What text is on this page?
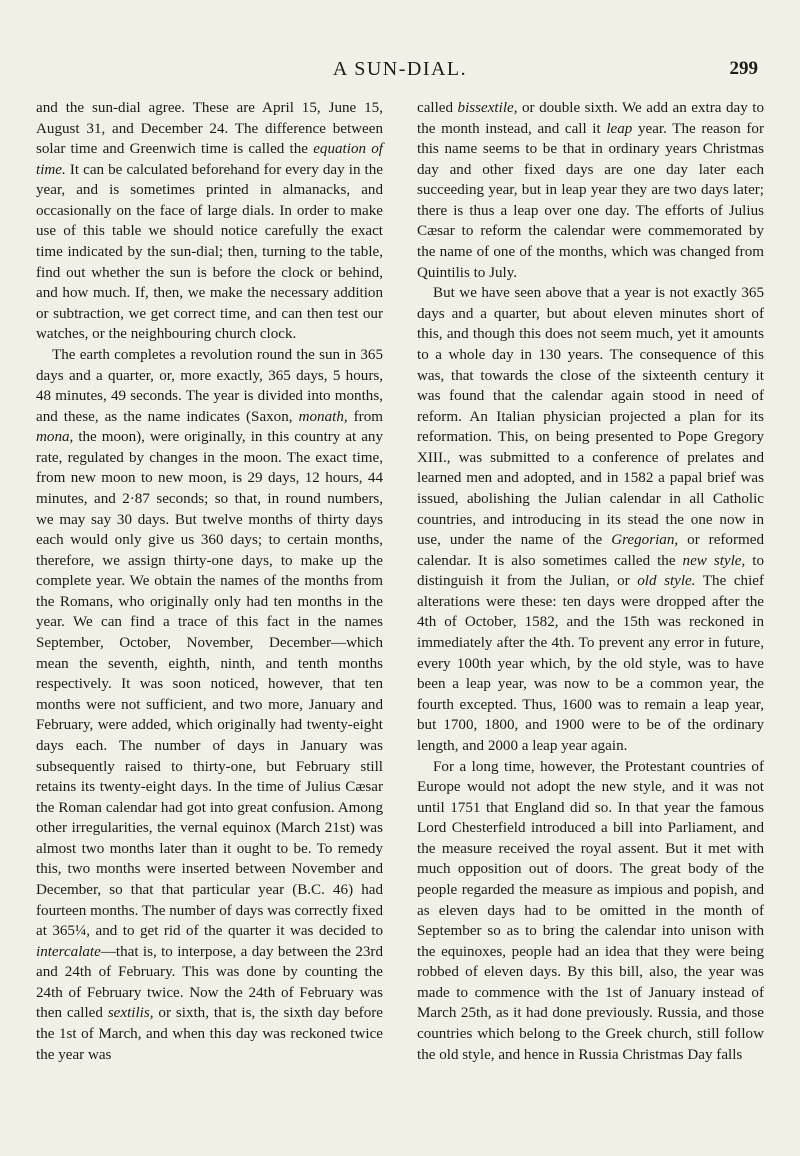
A SUN-DIAL.	299

and the sun-dial agree. These are April 15, June 15, August 31, and December 24. The difference between solar time and Greenwich time is called the equation of time. It can be calculated beforehand for every day in the year, and is sometimes printed in almanacks, and occasionally on the face of large dials. In order to make use of this table we should notice carefully the exact time indicated by the sun-dial; then, turning to the table, find out whether the sun is before the clock or behind, and how much. If, then, we make the necessary addition or subtraction, we get correct time, and can then test our watches, or the neighbouring church clock.

The earth completes a revolution round the sun in 365 days and a quarter, or, more exactly, 365 days, 5 hours, 48 minutes, 49 seconds. The year is divided into months, and these, as the name indicates (Saxon, monath, from mona, the moon), were originally, in this country at any rate, regulated by changes in the moon. The exact time, from new moon to new moon, is 29 days, 12 hours, 44 minutes, and 2·87 seconds; so that, in round numbers, we may say 30 days. But twelve months of thirty days each would only give us 360 days; to certain months, therefore, we assign thirty-one days, to make up the complete year. We obtain the names of the months from the Romans, who originally only had ten months in the year. We can find a trace of this fact in the names September, October, November, December—which mean the seventh, eighth, ninth, and tenth months respectively. It was soon noticed, however, that ten months were not sufficient, and two more, January and February, were added, which originally had twenty-eight days each. The number of days in January was subsequently raised to thirty-one, but February still retains its twenty-eight days. In the time of Julius Cæsar the Roman calendar had got into great confusion. Among other irregularities, the vernal equinox (March 21st) was almost two months later than it ought to be. To remedy this, two months were inserted between November and December, so that that particular year (B.C. 46) had fourteen months. The number of days was correctly fixed at 365¼, and to get rid of the quarter it was decided to intercalate—that is, to interpose, a day between the 23rd and 24th of February. This was done by counting the 24th of February twice. Now the 24th of February was then called sextilis, or sixth, that is, the sixth day before the 1st of March, and when this day was reckoned twice the year was

called bissextile, or double sixth. We add an extra day to the month instead, and call it leap year. The reason for this name seems to be that in ordinary years Christmas day and other fixed days are one day later each succeeding year, but in leap year they are two days later; there is thus a leap over one day. The efforts of Julius Cæsar to reform the calendar were commemorated by the name of one of the months, which was changed from Quintilis to July.

But we have seen above that a year is not exactly 365 days and a quarter, but about eleven minutes short of this, and though this does not seem much, yet it amounts to a whole day in 130 years. The consequence of this was, that towards the close of the sixteenth century it was found that the calendar again stood in need of reform. An Italian physician projected a plan for its reformation. This, on being presented to Pope Gregory XIII., was submitted to a conference of prelates and learned men and adopted, and in 1582 a papal brief was issued, abolishing the Julian calendar in all Catholic countries, and introducing in its stead the one now in use, under the name of the Gregorian, or reformed calendar. It is also sometimes called the new style, to distinguish it from the Julian, or old style. The chief alterations were these: ten days were dropped after the 4th of October, 1582, and the 15th was reckoned in immediately after the 4th. To prevent any error in future, every 100th year which, by the old style, was to have been a leap year, was now to be a common year, the fourth excepted. Thus, 1600 was to remain a leap year, but 1700, 1800, and 1900 were to be of the ordinary length, and 2000 a leap year again.

For a long time, however, the Protestant countries of Europe would not adopt the new style, and it was not until 1751 that England did so. In that year the famous Lord Chesterfield introduced a bill into Parliament, and the measure received the royal assent. But it met with much opposition out of doors. The great body of the people regarded the measure as impious and popish, and as eleven days had to be omitted in the month of September so as to bring the calendar into unison with the equinoxes, people had an idea that they were being robbed of eleven days. By this bill, also, the year was made to commence with the 1st of January instead of March 25th, as it had done previously. Russia, and those countries which belong to the Greek church, still follow the old style, and hence in Russia Christmas Day falls
